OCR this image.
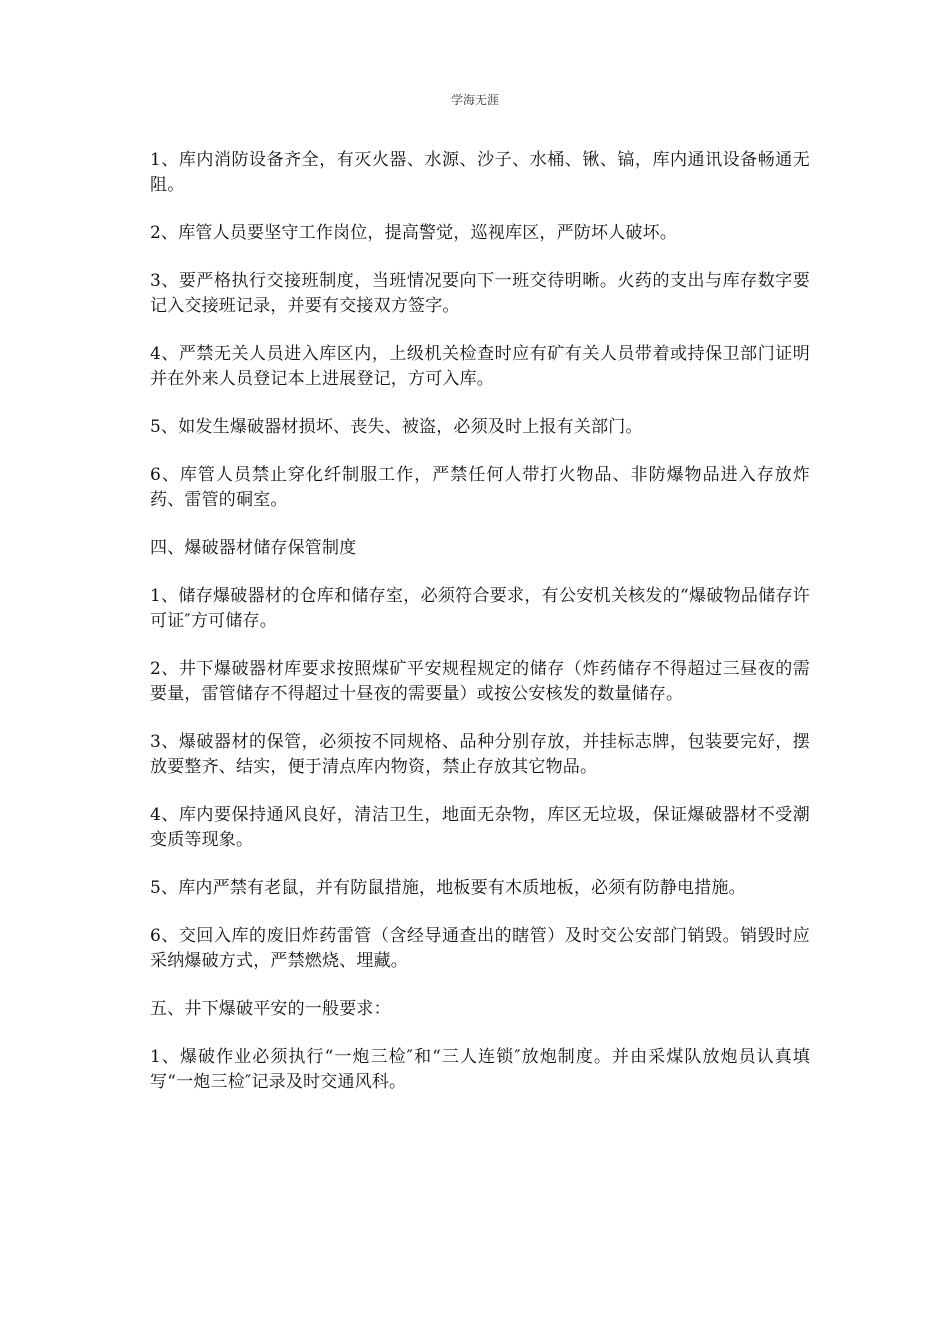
学海无涯

1、库内消防设备齐全，有灭火器、水源、沙子、水桶、锹、镐，库内通讯设备畅通无阻。

2、库管人员要坚守工作岗位，提高警觉，巡视库区，严防坏人破坏。

3、要严格执行交接班制度，当班情况要向下一班交待明晰。火药的支出与库存数字要记入交接班记录，并要有交接双方签字。

4、严禁无关人员进入库区内，上级机关检查时应有矿有关人员带着或持保卫部门证明并在外来人员登记本上进展登记，方可入库。

5、如发生爆破器材损坏、丧失、被盗，必须及时上报有关部门。

6、库管人员禁止穿化纤制服工作，严禁任何人带打火物品、非防爆物品进入存放炸药、雷管的硐室。

四、爆破器材储存保管制度

1、储存爆破器材的仓库和储存室，必须符合要求，有公安机关核发的“爆破物品储存许可证″方可储存。

2、井下爆破器材库要求按照煤矿平安规程规定的储存（炸药储存不得超过三昼夜的需要量，雷管储存不得超过十昼夜的需要量）或按公安核发的数量储存。

3、爆破器材的保管，必须按不同规格、品种分别存放，并挂标志牌，包装要完好，摆放要整齐、结实，便于清点库内物资，禁止存放其它物品。

4、库内要保持通风良好，清洁卫生，地面无杂物，库区无垃圾，保证爆破器材不受潮变质等现象。

5、库内严禁有老鼠，并有防鼠措施，地板要有木质地板，必须有防静电措施。

6、交回入库的废旧炸药雷管（含经导通查出的瞎管）及时交公安部门销毁。销毁时应采纳爆破方式，严禁燃烧、埋藏。

五、井下爆破平安的一般要求：

1、爆破作业必须执行“一炮三检″和“三人连锁″放炮制度。并由采煤队放炮员认真填写“一炮三检″记录及时交通风科。
